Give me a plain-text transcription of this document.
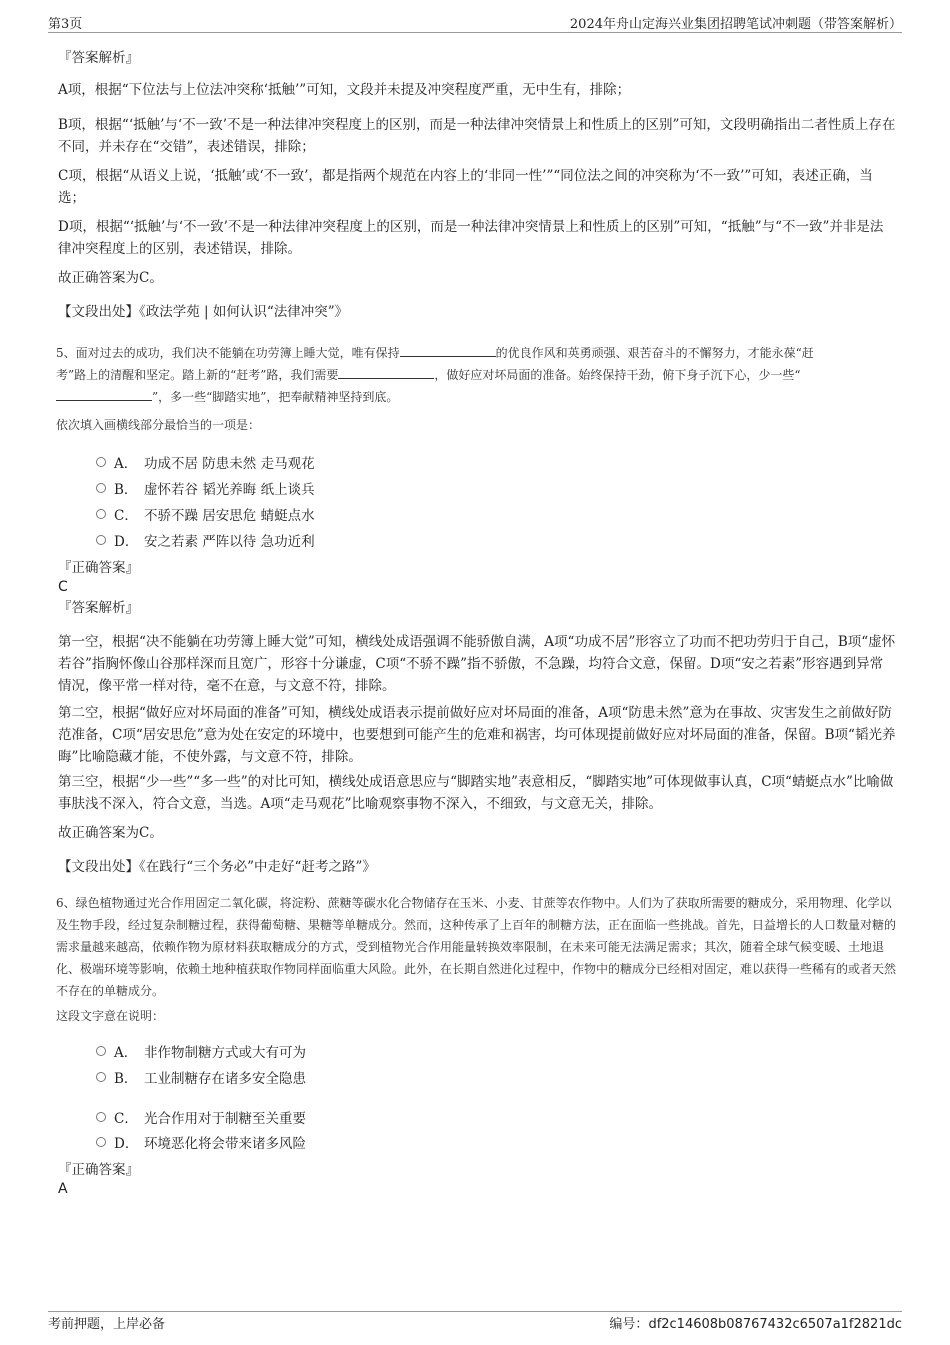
第3页	2024年舟山定海兴业集团招聘笔试冲刺题（带答案解析）
『答案解析』
A项，根据“下位法与上位法冲突称‘抵触’”可知，文段并未提及冲突程度严重，无中生有，排除；
B项，根据“‘抵触’与‘不一致’不是一种法律冲突程度上的区别，而是一种法律冲突情景上和性质上的区别”可知，文段明确指出二者性质上存在不同，并未存在“交错”，表述错误，排除；
C项，根据“从语义上说，‘抵触’或‘不一致’，都是指两个规范在内容上的‘非同一性’”“同位法之间的冲突称为‘不一致’”可知，表述正确，当选；
D项，根据“‘抵触’与‘不一致’不是一种法律冲突程度上的区别，而是一种法律冲突情景上和性质上的区别”可知，“抵触”与“不一致”并非是法律冲突程度上的区别，表述错误，排除。
故正确答案为C。
【文段出处】《政法学苑 | 如何认识“法律冲突”》
5、面对过去的成功，我们决不能躺在功劳簿上睡大觉，唯有保持	的优良作风和英勇顽强、艰苦奋斗的不懈努力，才能永葆“赶
考”路上的清醒和坚定。踏上新的“赶考”路，我们需要	，做好应对坏局面的准备。始终保持干劲，俯下身子沉下心，少一些“
”，多一些“脚踏实地”，把奉献精神坚持到底。
依次填入画横线部分最恰当的一项是：
A． 功成不居 防患未然 走马观花
B． 虚怀若谷 韬光养晦 纸上谈兵
C． 不骄不躁 居安思危 蜻蜓点水
D． 安之若素 严阵以待 急功近利
『正确答案』
C
『答案解析』
第一空，根据“决不能躺在功劳簿上睡大觉”可知，横线处成语强调不能骄傲自满，A项“功成不居”形容立了功而不把功劳归于自己，B项“虚怀若谷”指胸怀像山谷那样深而且宽广，形容十分谦虚，C项“不骄不躁”指不骄傲，不急躁，均符合文意，保留。D项“安之若素”形容遇到异常情况，像平常一样对待，毫不在意，与文意不符，排除。
第二空，根据“做好应对坏局面的准备”可知，横线处成语表示提前做好应对坏局面的准备，A项“防患未然”意为在事故、灾害发生之前做好防范准备，C项“居安思危”意为处在安定的环境中，也要想到可能产生的危难和祸害，均可体现提前做好应对坏局面的准备，保留。B项“韬光养晦”比喻隐藏才能，不使外露，与文意不符，排除。
第三空，根据“少一些”“多一些”的对比可知，横线处成语意思应与“脚踏实地”表意相反，“脚踏实地”可体现做事认真，C项“蜻蜓点水”比喻做事肤浅不深入，符合文意，当选。A项“走马观花”比喻观察事物不深入，不细致，与文意无关，排除。
故正确答案为C。
【文段出处】《在践行“三个务必”中走好“赶考之路”》
6、绿色植物通过光合作用固定二氧化碳，将淀粉、蔗糖等碳水化合物储存在玉米、小麦、甘蔗等农作物中。人们为了获取所需要的糖成分，采用物理、化学以及生物手段，经过复杂制糖过程，获得葡萄糖、果糖等单糖成分。然而，这种传承了上百年的制糖方法，正在面临一些挑战。首先，日益增长的人口数量对糖的需求量越来越高，依赖作物为原材料获取糖成分的方式，受到植物光合作用能量转换效率限制，在未来可能无法满足需求；其次，随着全球气候变暖、土地退化、极端环境等影响，依赖土地种植获取作物同样面临重大风险。此外，在长期自然进化过程中，作物中的糖成分已经相对固定，难以获得一些稀有的或者天然不存在的单糖成分。
这段文字意在说明：
A． 非作物制糖方式或大有可为
B． 工业制糖存在诸多安全隐患
C． 光合作用对于制糖至关重要
D． 环境恶化将会带来诸多风险
『正确答案』
A
考前押题，上岸必备	编号：df2c14608b08767432c6507a1f2821dc
